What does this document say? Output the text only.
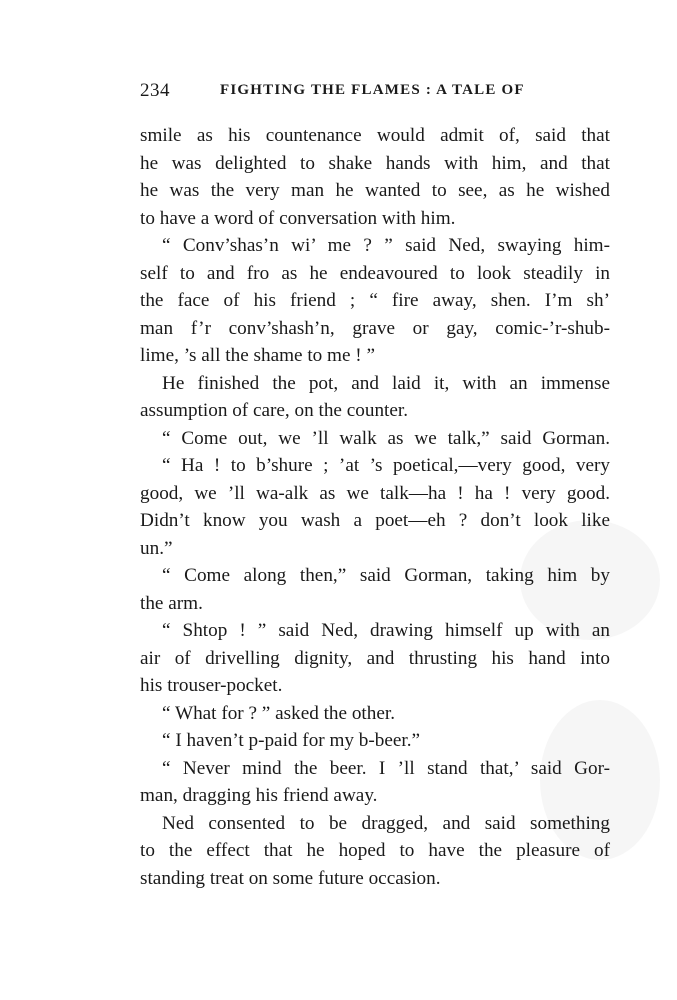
234	FIGHTING THE FLAMES : A TALE OF
smile as his countenance would admit of, said that
he was delighted to shake hands with him, and that
he was the very man he wanted to see, as he wished
to have a word of conversation with him.
“ Conv’shas’n wi’ me ? ” said Ned, swaying him-
self to and fro as he endeavoured to look steadily in
the face of his friend ; “ fire away, shen. I’m sh’
man f’r conv’shash’n, grave or gay, comic-’r-shub-
lime, ’s all the shame to me ! ”
He finished the pot, and laid it, with an immense
assumption of care, on the counter.
“ Come out, we ’ll walk as we talk,” said Gorman.
“ Ha ! to b’shure ; ’at ’s poetical,—very good, very
good, we ’ll wa-alk as we talk—ha ! ha ! very good.
Didn’t know you wash a poet—eh ? don’t look like
un.”
“ Come along then,” said Gorman, taking him by
the arm.
“ Shtop ! ” said Ned, drawing himself up with an
air of drivelling dignity, and thrusting his hand into
his trouser-pocket.
“ What for ? ” asked the other.
“ I haven’t p-paid for my b-beer.”
“ Never mind the beer. I ’ll stand that,’ said Gor-
man, dragging his friend away.
Ned consented to be dragged, and said something
to the effect that he hoped to have the pleasure of
standing treat on some future occasion.
